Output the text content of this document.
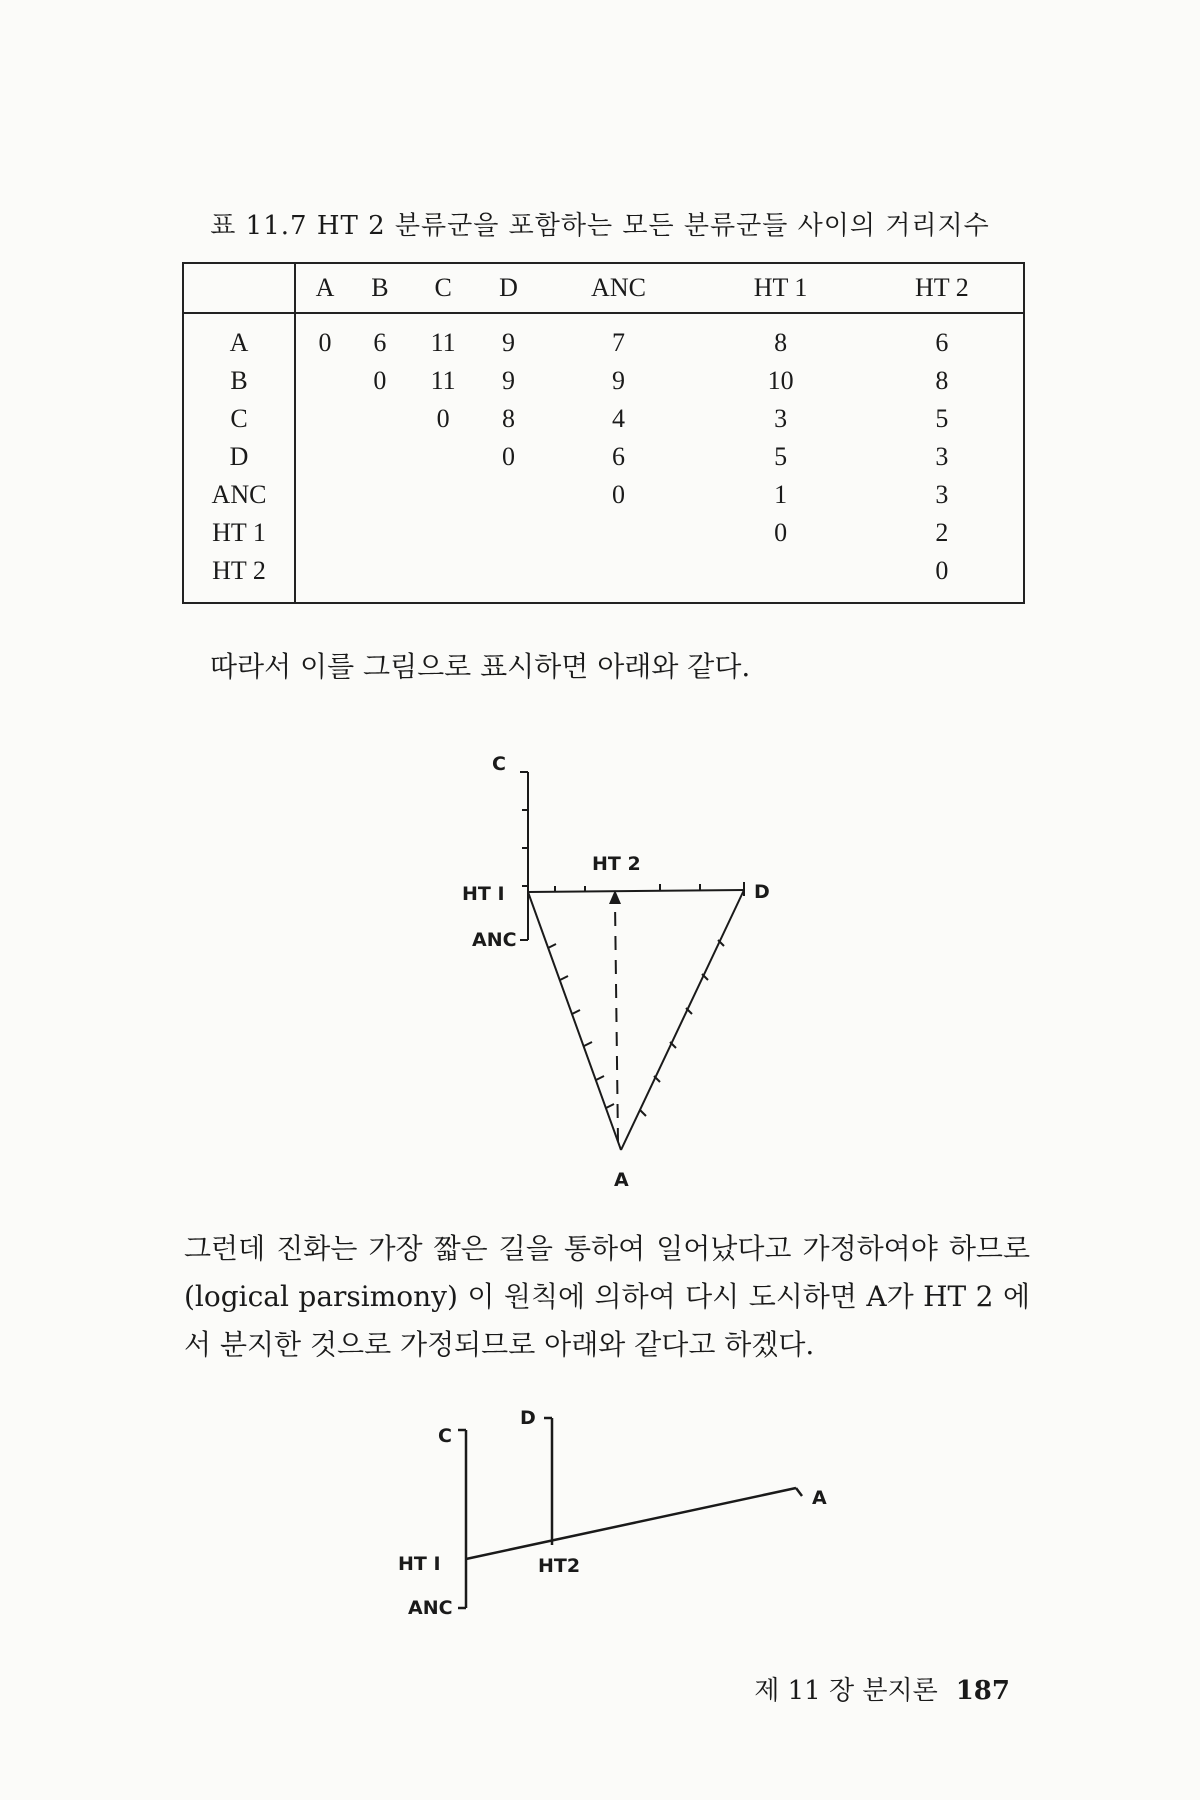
표 11.7 HT 2 분류군을 포함하는 모든 분류군들 사이의 거리지수
	A	B	C	D	ANC	HT 1	HT 2
A	0	6	11	9	7	8	6
B		0	11	9	9	10	8
C			0	8	4	3	5
D				0	6	5	3
ANC					0	1	3
HT 1						0	2
HT 2							0
따라서 이를 그림으로 표시하면 아래와 같다.
C
HT 2
HT I	D
ANC
A
그런데 진화는 가장 짧은 길을 통하여 일어났다고 가정하여야 하므로(logical parsimony) 이 원칙에 의하여 다시 도시하면 A가 HT 2 에서 분지한 것으로 가정되므로 아래와 같다고 하겠다.
C
D
A
HT I	HT2
ANC
제 11 장 분지론 187
